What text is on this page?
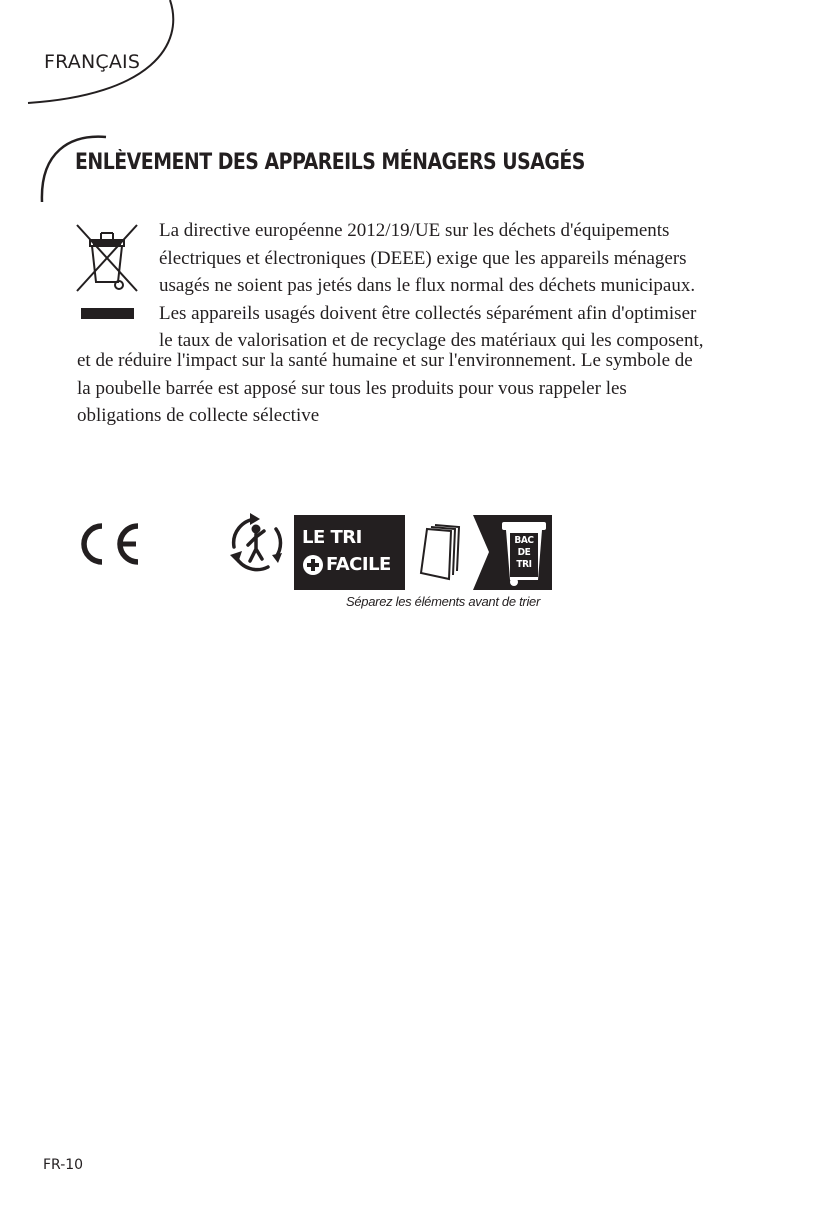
FRANÇAIS
ENLÈVEMENT DES APPAREILS MÉNAGERS USAGÉS
La directive européenne 2012/19/UE sur les déchets d'équipements
électriques et électroniques (DEEE) exige que les appareils ménagers
usagés ne soient pas jetés dans le flux normal des déchets municipaux.
Les appareils usagés doivent être collectés séparément afin d'optimiser
le taux de valorisation et de recyclage des matériaux qui les composent,
et de réduire l'impact sur la santé humaine et sur l'environnement. Le symbole de
la poubelle barrée est apposé sur tous les produits pour vous rappeler les
obligations de collecte sélective
LE TRI
FACILE
BAC
DE
TRI
Séparez les éléments avant de trier
FR-10
